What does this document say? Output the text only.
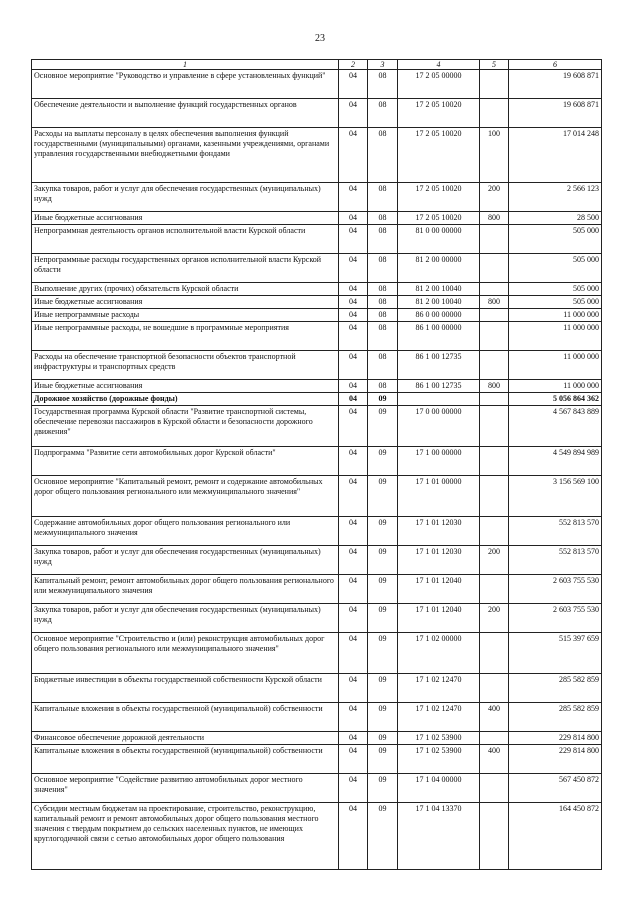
23
1	2	3	4	5	6
Основное мероприятие "Руководство и управление в сфере установленных функций"	04	08	17 2 05 00000		19 608 871
Обеспечение деятельности и выполнение функций государственных органов	04	08	17 2 05 10020		19 608 871
Расходы на выплаты персоналу в целях обеспечения выполнения функций государственными (муниципальными) органами, казенными учреждениями, органами управления государственными внебюджетными фондами	04	08	17 2 05 10020	100	17 014 248
Закупка товаров, работ и услуг для обеспечения государственных (муниципальных) нужд	04	08	17 2 05 10020	200	2 566 123
Иные бюджетные ассигнования	04	08	17 2 05 10020	800	28 500
Непрограммная деятельность органов исполнительной власти Курской области	04	08	81 0 00 00000		505 000
Непрограммные расходы государственных органов исполнительной власти Курской области	04	08	81 2 00 00000		505 000
Выполнение других (прочих) обязательств Курской области	04	08	81 2 00 10040		505 000
Иные бюджетные ассигнования	04	08	81 2 00 10040	800	505 000
Иные непрограммные расходы	04	08	86 0 00 00000		11 000 000
Иные непрограммные расходы, не вошедшие в программные мероприятия	04	08	86 1 00 00000		11 000 000
Расходы на обеспечение транспортной безопасности объектов транспортной инфраструктуры и транспортных средств	04	08	86 1 00 12735		11 000 000
Иные бюджетные ассигнования	04	08	86 1 00 12735	800	11 000 000
Дорожное хозяйство (дорожные фонды)	04	09			5 056 864 362
Государственная программа Курской области "Развитие транспортной системы, обеспечение перевозки пассажиров в Курской области и безопасности дорожного движения"	04	09	17 0 00 00000		4 567 843 889
Подпрограмма "Развитие сети автомобильных дорог Курской области"	04	09	17 1 00 00000		4 549 894 989
Основное мероприятие "Капитальный ремонт, ремонт и содержание автомобильных дорог общего пользования регионального или межмуниципального значения"	04	09	17 1 01 00000		3 156 569 100
Содержание автомобильных дорог общего пользования регионального или межмуниципального значения	04	09	17 1 01 12030		552 813 570
Закупка товаров, работ и услуг для обеспечения государственных (муниципальных) нужд	04	09	17 1 01 12030	200	552 813 570
Капитальный ремонт, ремонт автомобильных дорог общего пользования регионального или межмуниципального значения	04	09	17 1 01 12040		2 603 755 530
Закупка товаров, работ и услуг для обеспечения государственных (муниципальных) нужд	04	09	17 1 01 12040	200	2 603 755 530
Основное мероприятие "Строительство и (или) реконструкция автомобильных дорог общего пользования регионального или межмуниципального значения"	04	09	17 1 02 00000		515 397 659
Бюджетные инвестиции в объекты государственной собственности Курской области	04	09	17 1 02 12470		285 582 859
Капитальные вложения в объекты государственной (муниципальной) собственности	04	09	17 1 02 12470	400	285 582 859
Финансовое обеспечение дорожной деятельности	04	09	17 1 02 53900		229 814 800
Капитальные вложения в объекты государственной (муниципальной) собственности	04	09	17 1 02 53900	400	229 814 800
Основное мероприятие "Содействие развитию автомобильных дорог местного значения"	04	09	17 1 04 00000		567 450 872
Субсидии местным бюджетам на проектирование, строительство, реконструкцию, капитальный ремонт и ремонт автомобильных дорог общего пользования местного значения с твердым покрытием до сельских населенных пунктов, не имеющих круглогодичной связи с сетью автомобильных дорог общего пользования	04	09	17 1 04 13370		164 450 872
